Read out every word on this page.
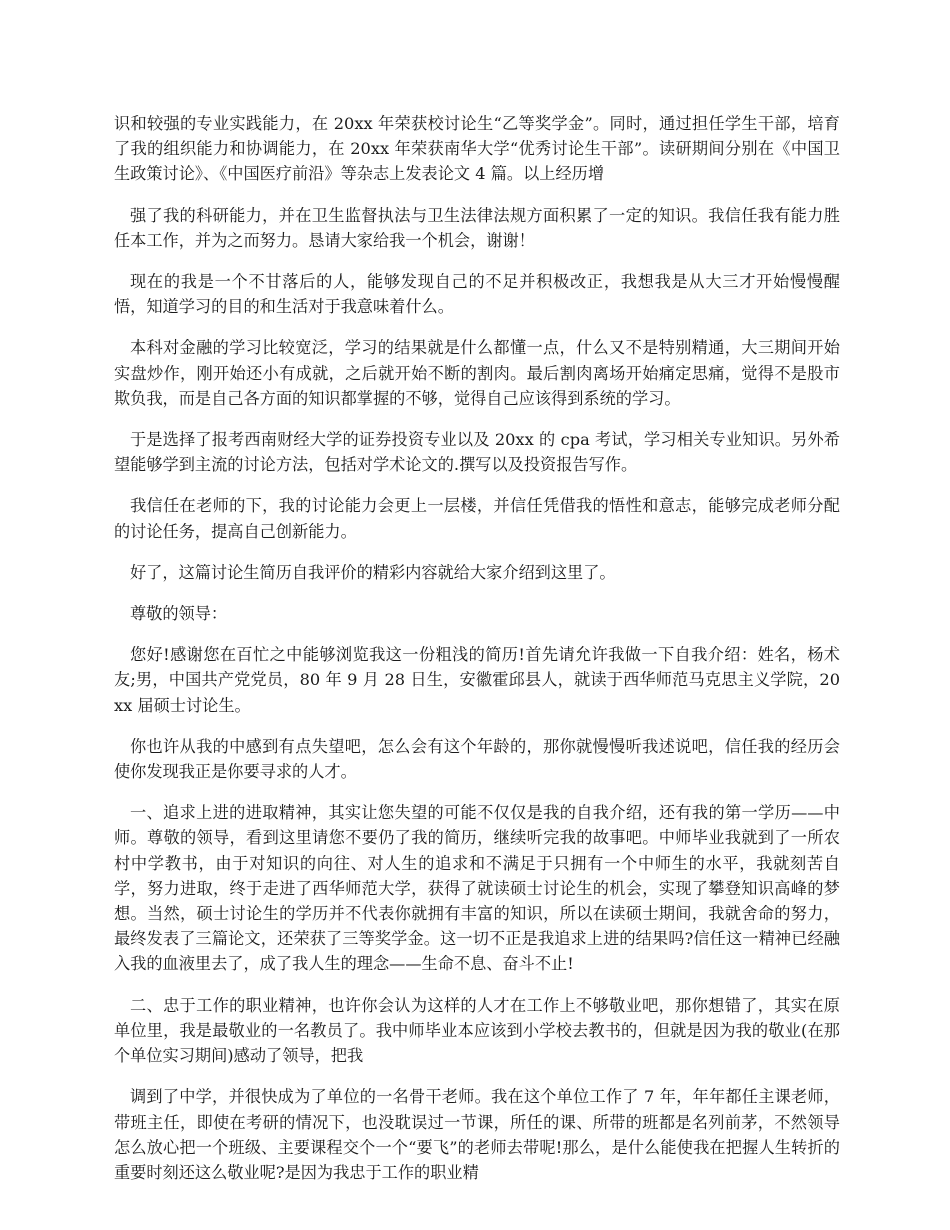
识和较强的专业实践能力，在 20xx 年荣获校讨论生“乙等奖学金”。同时，通过担任学生干部，培育了我的组织能力和协调能力，在 20xx 年荣获南华大学“优秀讨论生干部”。读研期间分别在《中国卫生政策讨论》、《中国医疗前沿》等杂志上发表论文 4 篇。以上经历增

强了我的科研能力，并在卫生监督执法与卫生法律法规方面积累了一定的知识。我信任我有能力胜任本工作，并为之而努力。恳请大家给我一个机会，谢谢！

现在的我是一个不甘落后的人，能够发现自己的不足并积极改正，我想我是从大三才开始慢慢醒悟，知道学习的目的和生活对于我意味着什么。

本科对金融的学习比较宽泛，学习的结果就是什么都懂一点，什么又不是特别精通，大三期间开始实盘炒作，刚开始还小有成就，之后就开始不断的割肉。最后割肉离场开始痛定思痛，觉得不是股市欺负我，而是自己各方面的知识都掌握的不够，觉得自己应该得到系统的学习。

于是选择了报考西南财经大学的证券投资专业以及 20xx 的 cpa 考试，学习相关专业知识。另外希望能够学到主流的讨论方法，包括对学术论文的.撰写以及投资报告写作。

我信任在老师的下，我的讨论能力会更上一层楼，并信任凭借我的悟性和意志，能够完成老师分配的讨论任务，提高自己创新能力。

好了，这篇讨论生简历自我评价的精彩内容就给大家介绍到这里了。

尊敬的领导：

您好!感谢您在百忙之中能够浏览我这一份粗浅的简历!首先请允许我做一下自我介绍：姓名，杨术友;男，中国共产党党员，80 年 9 月 28 日生，安徽霍邱县人，就读于西华师范马克思主义学院，20xx 届硕士讨论生。

你也许从我的中感到有点失望吧，怎么会有这个年龄的，那你就慢慢听我述说吧，信任我的经历会使你发现我正是你要寻求的人才。

一、追求上进的进取精神，其实让您失望的可能不仅仅是我的自我介绍，还有我的第一学历——中师。尊敬的领导，看到这里请您不要仍了我的简历，继续听完我的故事吧。中师毕业我就到了一所农村中学教书，由于对知识的向往、对人生的追求和不满足于只拥有一个中师生的水平，我就刻苦自学，努力进取，终于走进了西华师范大学，获得了就读硕士讨论生的机会，实现了攀登知识高峰的梦想。当然，硕士讨论生的学历并不代表你就拥有丰富的知识，所以在读硕士期间，我就舍命的努力，最终发表了三篇论文，还荣获了三等奖学金。这一切不正是我追求上进的结果吗?信任这一精神已经融入我的血液里去了，成了我人生的理念——生命不息、奋斗不止!

二、忠于工作的职业精神，也许你会认为这样的人才在工作上不够敬业吧，那你想错了，其实在原单位里，我是最敬业的一名教员了。我中师毕业本应该到小学校去教书的，但就是因为我的敬业(在那个单位实习期间)感动了领导，把我

调到了中学，并很快成为了单位的一名骨干老师。我在这个单位工作了 7 年，年年都任主课老师，带班主任，即使在考研的情况下，也没耽误过一节课，所任的课、所带的班都是名列前茅，不然领导怎么放心把一个班级、主要课程交个一个“要飞”的老师去带呢!那么，是什么能使我在把握人生转折的重要时刻还这么敬业呢?是因为我忠于工作的职业精
